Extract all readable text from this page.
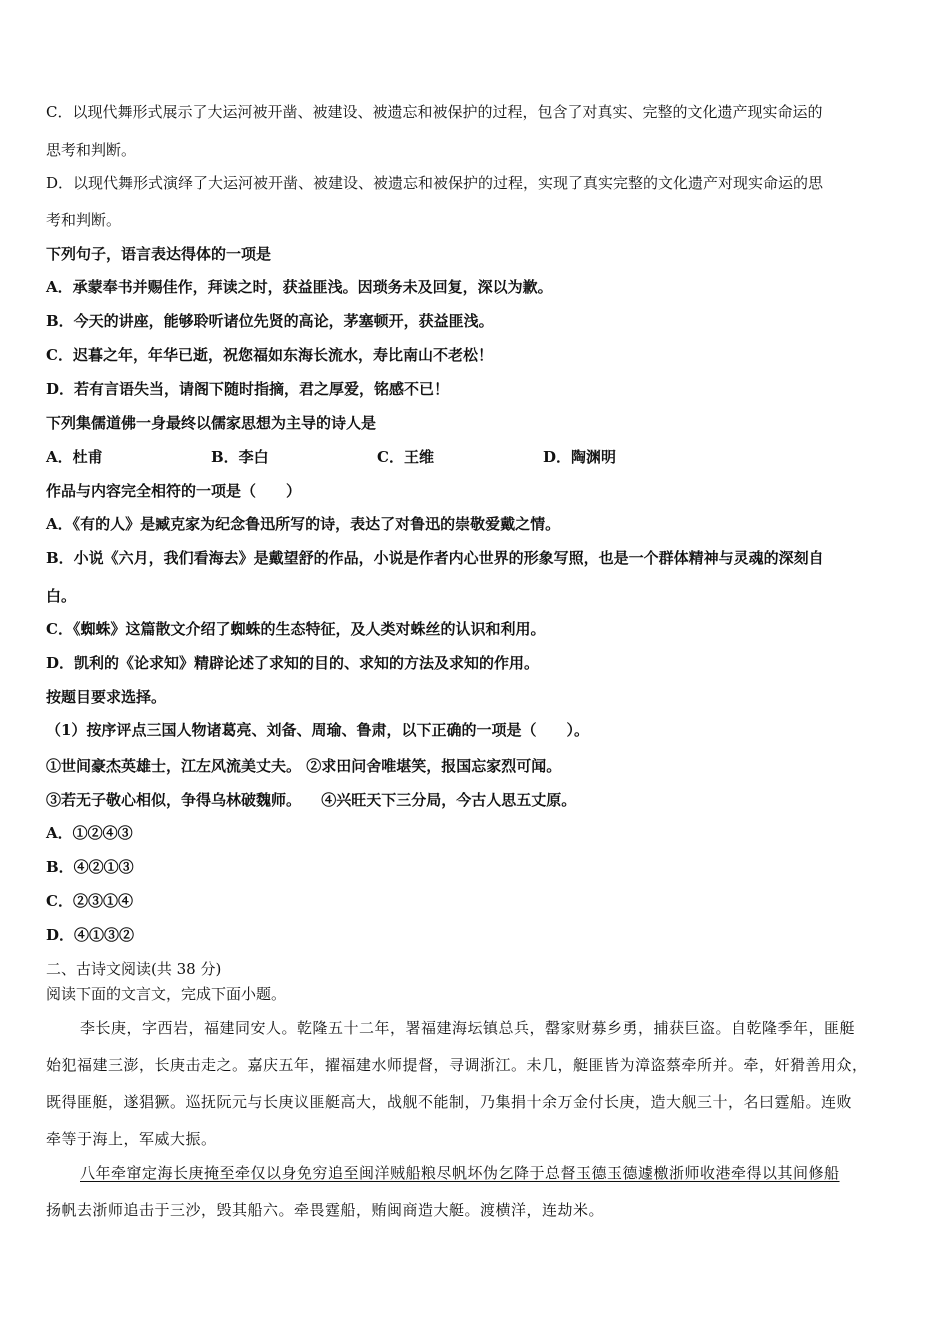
C．以现代舞形式展示了大运河被开凿、被建设、被遗忘和被保护的过程，包含了对真实、完整的文化遗产现实命运的
思考和判断。
D．以现代舞形式演绎了大运河被开凿、被建设、被遗忘和被保护的过程，实现了真实完整的文化遗产对现实命运的思
考和判断。
下列句子，语言表达得体的一项是
A．承蒙奉书并赐佳作，拜读之时，获益匪浅。因琐务未及回复，深以为歉。
B．今天的讲座，能够聆听诸位先贤的高论，茅塞顿开，获益匪浅。
C．迟暮之年，年华已逝，祝您福如东海长流水，寿比南山不老松！
D．若有言语失当，请阁下随时指摘，君之厚爱，铭感不已！
下列集儒道佛一身最终以儒家思想为主导的诗人是
A．杜甫	B．李白	C．王维	D．陶渊明
作品与内容完全相符的一项是（　　）
A．《有的人》是臧克家为纪念鲁迅所写的诗，表达了对鲁迅的崇敬爱戴之情。
B．小说《六月，我们看海去》是戴望舒的作品，小说是作者内心世界的形象写照，也是一个群体精神与灵魂的深刻自
白。
C．《蜘蛛》这篇散文介绍了蜘蛛的生态特征，及人类对蛛丝的认识和利用。
D．凯利的《论求知》精辟论述了求知的目的、求知的方法及求知的作用。
按题目要求选择。
（1）按序评点三国人物诸葛亮、刘备、周瑜、鲁肃，以下正确的一项是（　　）。
①世间豪杰英雄士，江左风流美丈夫。 ②求田问舍唯堪笑，报国忘家烈可闻。
③若无子敬心相似，争得乌林破魏师。 　④兴旺天下三分局，今古人思五丈原。
A．①②④③
B．④②①③
C．②③①④
D．④①③②
二、古诗文阅读(共 38 分)
阅读下面的文言文，完成下面小题。
李长庚，字西岩，福建同安人。乾隆五十二年，署福建海坛镇总兵，罄家财募乡勇，捕获巨盗。自乾隆季年，匪艇
始犯福建三澎，长庚击走之。嘉庆五年，擢福建水师提督，寻调浙江。未几，艇匪皆为漳盗蔡牵所并。牵，奸猾善用众，
既得匪艇，遂猖獗。巡抚阮元与长庚议匪艇高大，战舰不能制，乃集捐十余万金付长庚，造大舰三十，名曰霆船。连败
牵等于海上，军威大振。
八年牵窜定海长庚掩至牵仅以身免穷追至闽洋贼船粮尽帆坏伪乞降于总督玉德玉德遽檄浙师收港牵得以其间修船
扬帆去浙师追击于三沙，毁其船六。牵畏霆船，贿闽商造大艇。渡横洋，连劫米。
